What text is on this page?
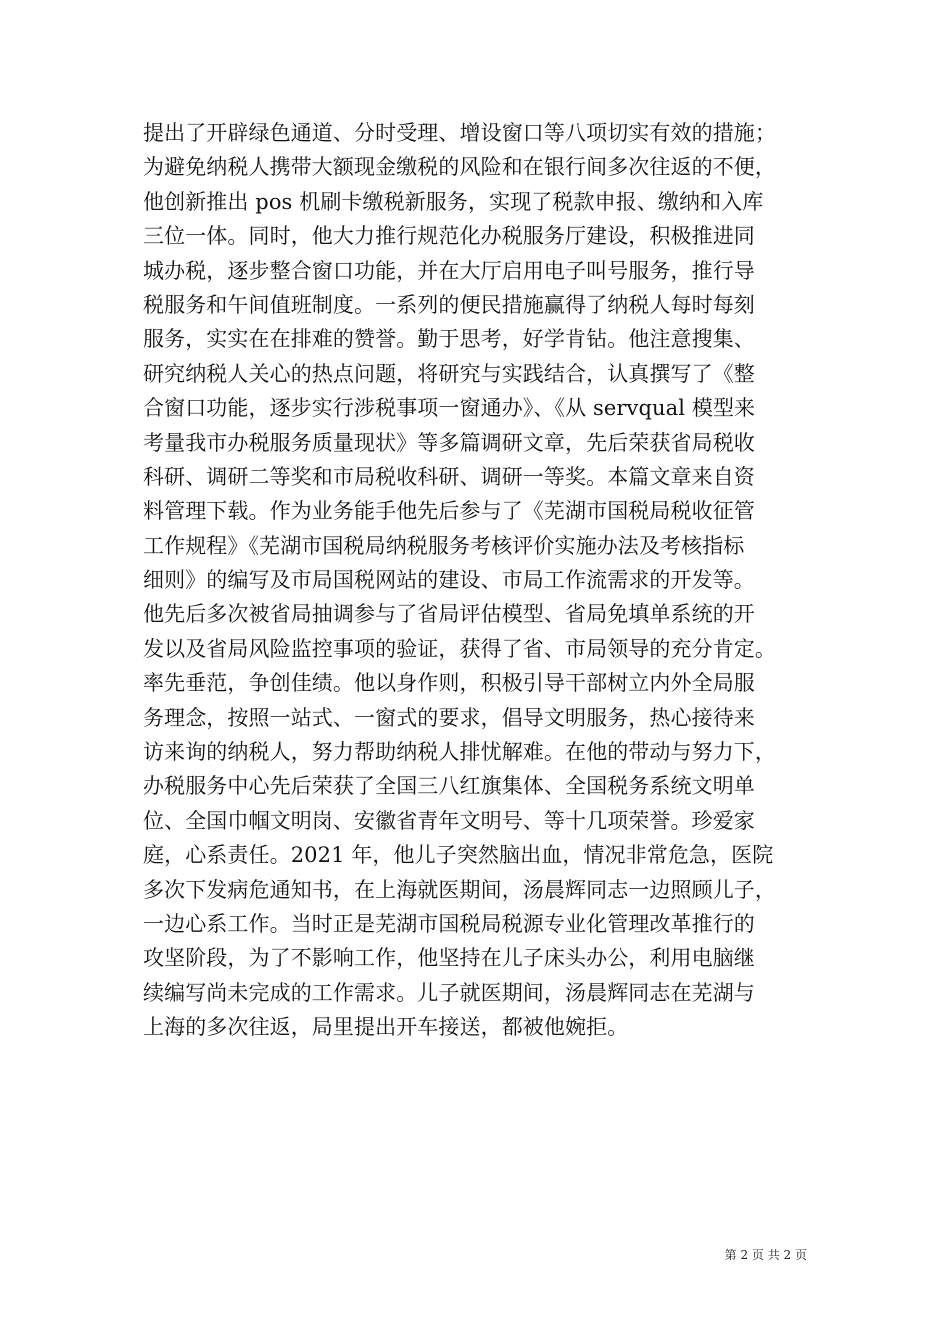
提出了开辟绿色通道、分时受理、增设窗口等八项切实有效的措施；
为避免纳税人携带大额现金缴税的风险和在银行间多次往返的不便，
他创新推出 pos 机刷卡缴税新服务，实现了税款申报、缴纳和入库
三位一体。同时，他大力推行规范化办税服务厅建设，积极推进同
城办税，逐步整合窗口功能，并在大厅启用电子叫号服务，推行导
税服务和午间值班制度。一系列的便民措施赢得了纳税人每时每刻
服务，实实在在排难的赞誉。勤于思考，好学肯钻。他注意搜集、
研究纳税人关心的热点问题，将研究与实践结合，认真撰写了《整
合窗口功能，逐步实行涉税事项一窗通办》、《从 servqual 模型来
考量我市办税服务质量现状》等多篇调研文章，先后荣获省局税收
科研、调研二等奖和市局税收科研、调研一等奖。本篇文章来自资
料管理下载。作为业务能手他先后参与了《芜湖市国税局税收征管
工作规程》《芜湖市国税局纳税服务考核评价实施办法及考核指标
细则》的编写及市局国税网站的建设、市局工作流需求的开发等。
他先后多次被省局抽调参与了省局评估模型、省局免填单系统的开
发以及省局风险监控事项的验证，获得了省、市局领导的充分肯定。
率先垂范，争创佳绩。他以身作则，积极引导干部树立内外全局服
务理念，按照一站式、一窗式的要求，倡导文明服务，热心接待来
访来询的纳税人，努力帮助纳税人排忧解难。在他的带动与努力下，
办税服务中心先后荣获了全国三八红旗集体、全国税务系统文明单
位、全国巾帼文明岗、安徽省青年文明号、等十几项荣誉。珍爱家
庭，心系责任。2021 年，他儿子突然脑出血，情况非常危急，医院
多次下发病危通知书，在上海就医期间，汤晨辉同志一边照顾儿子，
一边心系工作。当时正是芜湖市国税局税源专业化管理改革推行的
攻坚阶段，为了不影响工作，他坚持在儿子床头办公，利用电脑继
续编写尚未完成的工作需求。儿子就医期间，汤晨辉同志在芜湖与
上海的多次往返，局里提出开车接送，都被他婉拒。
第 2 页 共 2 页
